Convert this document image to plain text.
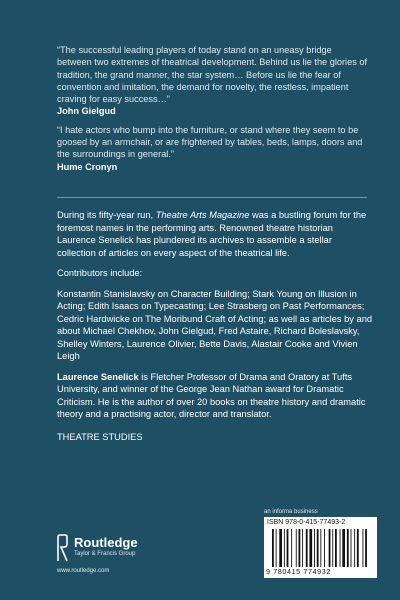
“The successful leading players of today stand on an uneasy bridge between two extremes of theatrical development. Behind us lie the glories of tradition, the grand manner, the star system… Before us lie the fear of convention and imitation, the demand for novelty, the restless, impatient craving for easy success…”

John Gielgud

“I hate actors who bump into the furniture, or stand where they seem to be goosed by an armchair, or are frightened by tables, beds, lamps, doors and the surroundings in general.”

Hume Cronyn

During its fifty-year run, Theatre Arts Magazine was a bustling forum for the foremost names in the performing arts. Renowned theatre historian Laurence Senelick has plundered its archives to assemble a stellar collection of articles on every aspect of the theatrical life.

Contributors include:

Konstantin Stanislavsky on Character Building; Stark Young on Illusion in Acting; Edith Isaacs on Typecasting; Lee Strasberg on Past Performances; Cedric Hardwicke on The Moribund Craft of Acting; as well as articles by and about Michael Chekhov, John Gielgud, Fred Astaire, Richard Boleslavsky, Shelley Winters, Laurence Olivier, Bette Davis, Alastair Cooke and Vivien Leigh

Laurence Senelick is Fletcher Professor of Drama and Oratory at Tufts University, and winner of the George Jean Nathan award for Dramatic Criticism. He is the author of over 20 books on theatre history and dramatic theory and a practising actor, director and translator.

THEATRE STUDIES

Routledge
Taylor & Francis Group
www.routledge.com
an informa business
ISBN 978-0-415-77493-2
9 780415 774932
